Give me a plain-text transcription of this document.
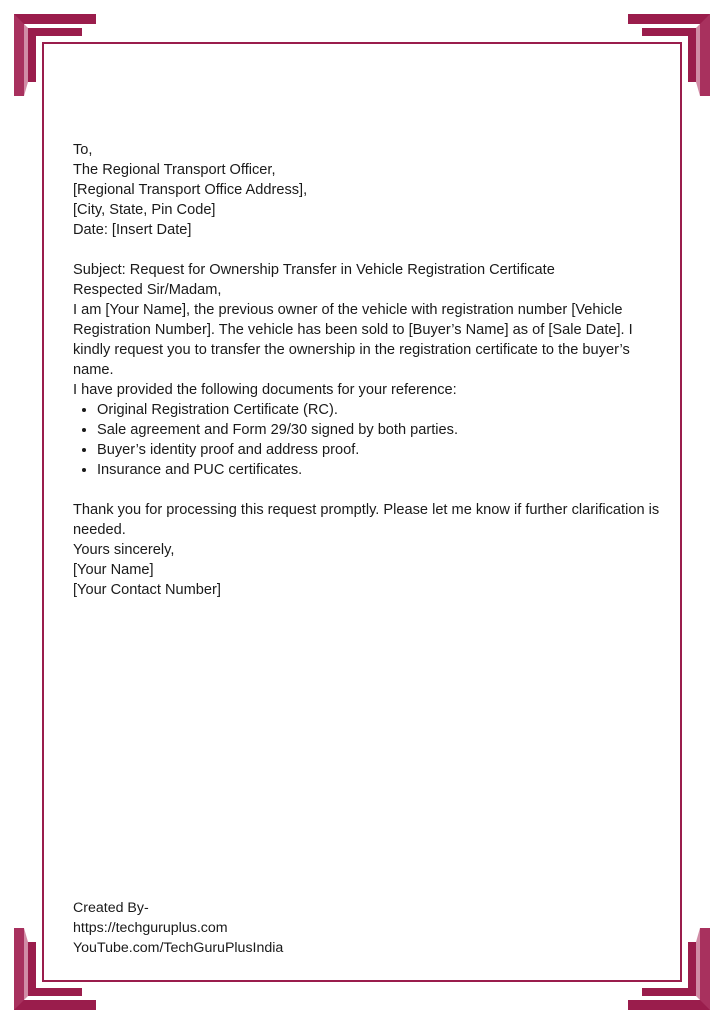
To,
The Regional Transport Officer,
[Regional Transport Office Address],
[City, State, Pin Code]
Date: [Insert Date]

Subject: Request for Ownership Transfer in Vehicle Registration Certificate

Respected Sir/Madam,

I am [Your Name], the previous owner of the vehicle with registration number [Vehicle Registration Number]. The vehicle has been sold to [Buyer’s Name] as of [Sale Date]. I kindly request you to transfer the ownership in the registration certificate to the buyer’s name.

I have provided the following documents for your reference:

• Original Registration Certificate (RC).
• Sale agreement and Form 29/30 signed by both parties.
• Buyer’s identity proof and address proof.
• Insurance and PUC certificates.

Thank you for processing this request promptly. Please let me know if further clarification is needed.

Yours sincerely,
[Your Name]
[Your Contact Number]
Created By-
https://techguruplus.com
YouTube.com/TechGuruPlusIndia
